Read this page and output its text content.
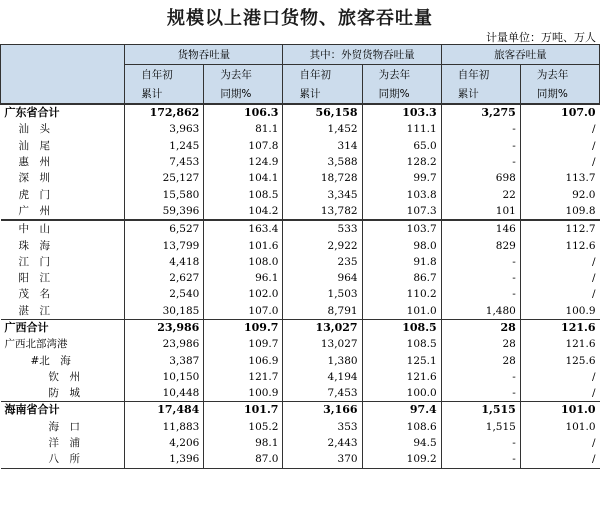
规模以上港口货物、旅客吞吐量
计量单位：万吨、万人
	货物吞吐量		其中：外贸货物吞吐量		旅客吞吐量	
	自年初	为去年	自年初	为去年	自年初	为去年
	累计	同期%	累计	同期%	累计	同期%
广东省合计	172,862	106.3	56,158	103.3	3,275	107.0
汕　头	3,963	81.1	1,452	111.1	-	/
汕　尾	1,245	107.8	314	65.0	-	/
惠　州	7,453	124.9	3,588	128.2	-	/
深　圳	25,127	104.1	18,728	99.7	698	113.7
虎　门	15,580	108.5	3,345	103.8	22	92.0
广　州	59,396	104.2	13,782	107.3	101	109.8
中　山	6,527	163.4	533	103.7	146	112.7
珠　海	13,799	101.6	2,922	98.0	829	112.6
江　门	4,418	108.0	235	91.8	-	/
阳　江	2,627	96.1	964	86.7	-	/
茂　名	2,540	102.0	1,503	110.2	-	/
湛　江	30,185	107.0	8,791	101.0	1,480	100.9
广西合计	23,986	109.7	13,027	108.5	28	121.6
广西北部湾港	23,986	109.7	13,027	108.5	28	121.6
#北　海	3,387	106.9	1,380	125.1	28	125.6
钦　州	10,150	121.7	4,194	121.6	-	/
防　城	10,448	100.9	7,453	100.0	-	/
海南省合计	17,484	101.7	3,166	97.4	1,515	101.0
海　口	11,883	105.2	353	108.6	1,515	101.0
洋　浦	4,206	98.1	2,443	94.5	-	/
八　所	1,396	87.0	370	109.2	-	/
